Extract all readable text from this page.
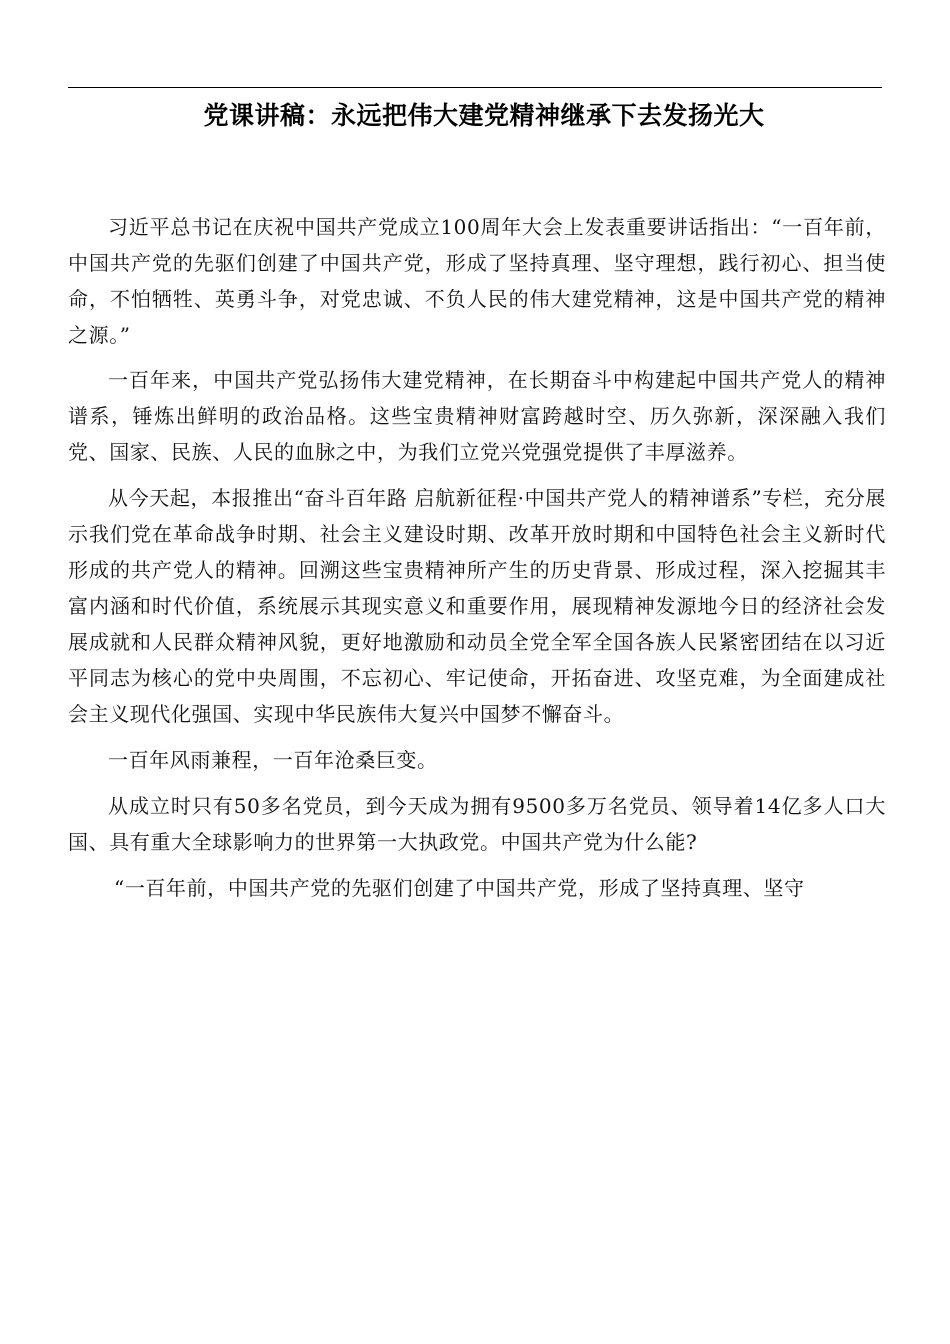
党课讲稿：永远把伟大建党精神继承下去发扬光大

习近平总书记在庆祝中国共产党成立100周年大会上发表重要讲话指出：“一百年前，中国共产党的先驱们创建了中国共产党，形成了坚持真理、坚守理想，践行初心、担当使命，不怕牺牲、英勇斗争，对党忠诚、不负人民的伟大建党精神，这是中国共产党的精神之源。”

一百年来，中国共产党弘扬伟大建党精神，在长期奋斗中构建起中国共产党人的精神谱系，锤炼出鲜明的政治品格。这些宝贵精神财富跨越时空、历久弥新，深深融入我们党、国家、民族、人民的血脉之中，为我们立党兴党强党提供了丰厚滋养。

从今天起，本报推出“奋斗百年路 启航新征程·中国共产党人的精神谱系”专栏，充分展示我们党在革命战争时期、社会主义建设时期、改革开放时期和中国特色社会主义新时代形成的共产党人的精神。回溯这些宝贵精神所产生的历史背景、形成过程，深入挖掘其丰富内涵和时代价值，系统展示其现实意义和重要作用，展现精神发源地今日的经济社会发展成就和人民群众精神风貌，更好地激励和动员全党全军全国各族人民紧密团结在以习近平同志为核心的党中央周围，不忘初心、牢记使命，开拓奋进、攻坚克难，为全面建成社会主义现代化强国、实现中华民族伟大复兴中国梦不懈奋斗。

一百年风雨兼程，一百年沧桑巨变。

从成立时只有50多名党员，到今天成为拥有9500多万名党员、领导着14亿多人口大国、具有重大全球影响力的世界第一大执政党。中国共产党为什么能?

“一百年前，中国共产党的先驱们创建了中国共产党，形成了坚持真理、坚守
